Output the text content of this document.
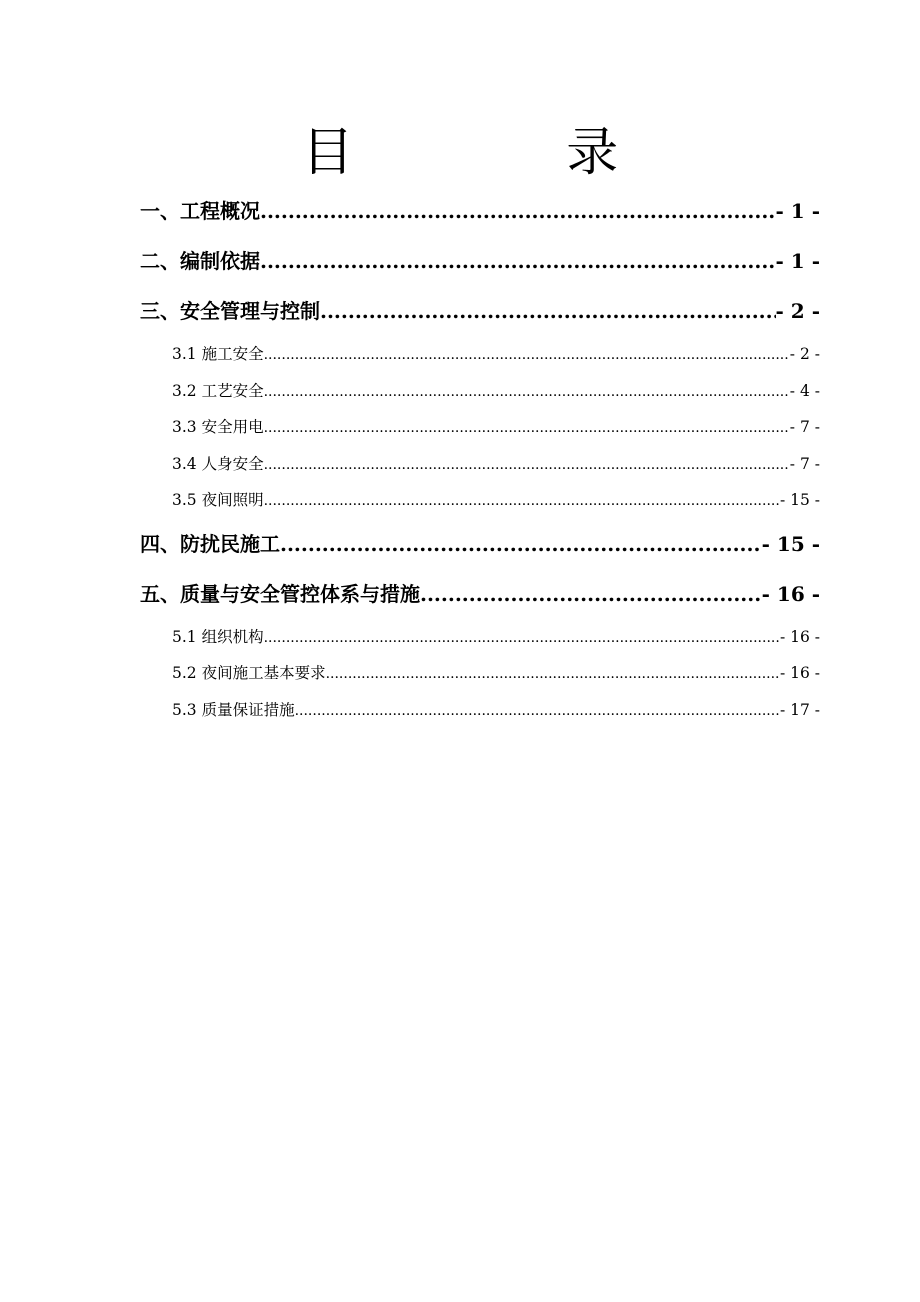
目 录
一、工程概况 .....	- 1 -
二、编制依据 .....	- 1 -
三、安全管理与控制 .....	- 2 -
3.1 施工安全 .....	- 2 -
3.2 工艺安全 .....	- 4 -
3.3 安全用电 .....	- 7 -
3.4 人身安全 .....	- 7 -
3.5 夜间照明 .....	- 15 -
四、防扰民施工 .....	- 15 -
五、质量与安全管控体系与措施 .....	- 16 -
5.1 组织机构 .....	- 16 -
5.2 夜间施工基本要求 .....	- 16 -
5.3 质量保证措施 .....	- 17 -
